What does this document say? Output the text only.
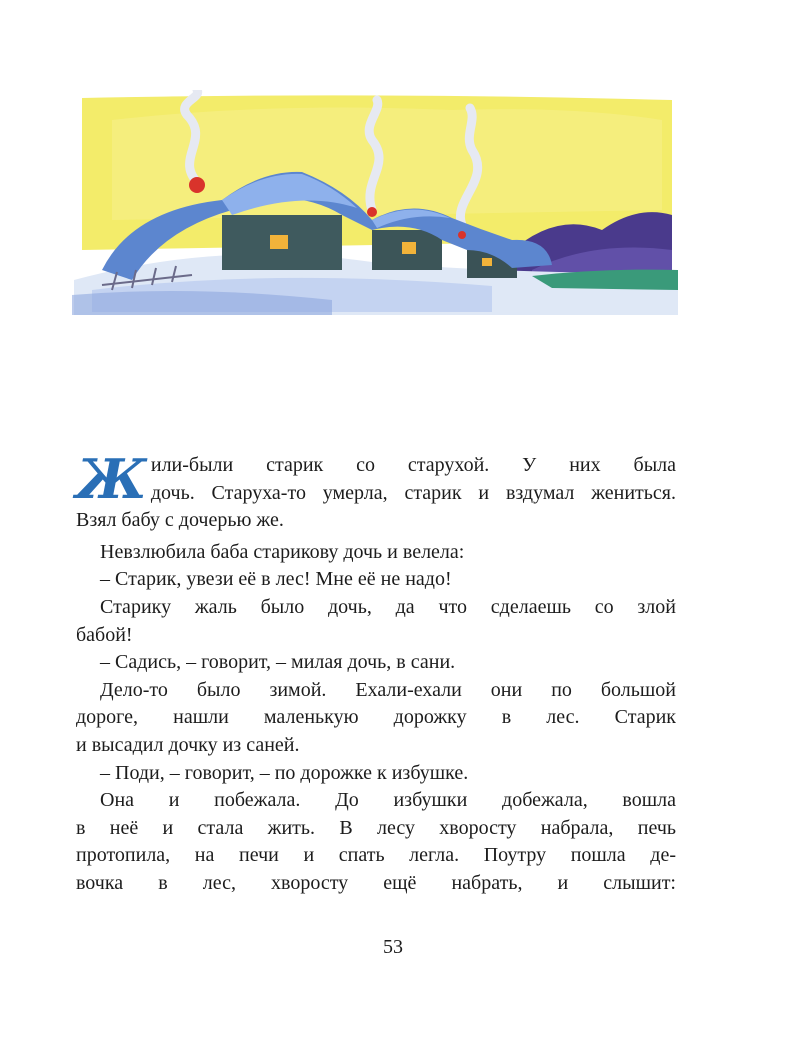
Жили-были старик со старухой. У них была
дочь. Старуха-то умерла, старик и вздумал жениться.

Взял бабу с дочерью же.

Невзлюбила баба старикову дочь и велела:

– Старик, увези её в лес! Мне её не надо!

Старику жаль было дочь, да что сделаешь со злой

бабой!

– Садись, – говорит, – милая дочь, в сани.

Дело-то было зимой. Ехали-ехали они по большой

дороге, нашли маленькую дорожку в лес. Старик

и высадил дочку из саней.

– Поди, – говорит, – по дорожке к избушке.

Она и побежала. До избушки добежала, вошла

в неё и стала жить. В лесу хворосту набрала, печь

протопила, на печи и спать легла. Поутру пошла де-

вочка в лес, хворосту ещё набрать, и слышит:

53
